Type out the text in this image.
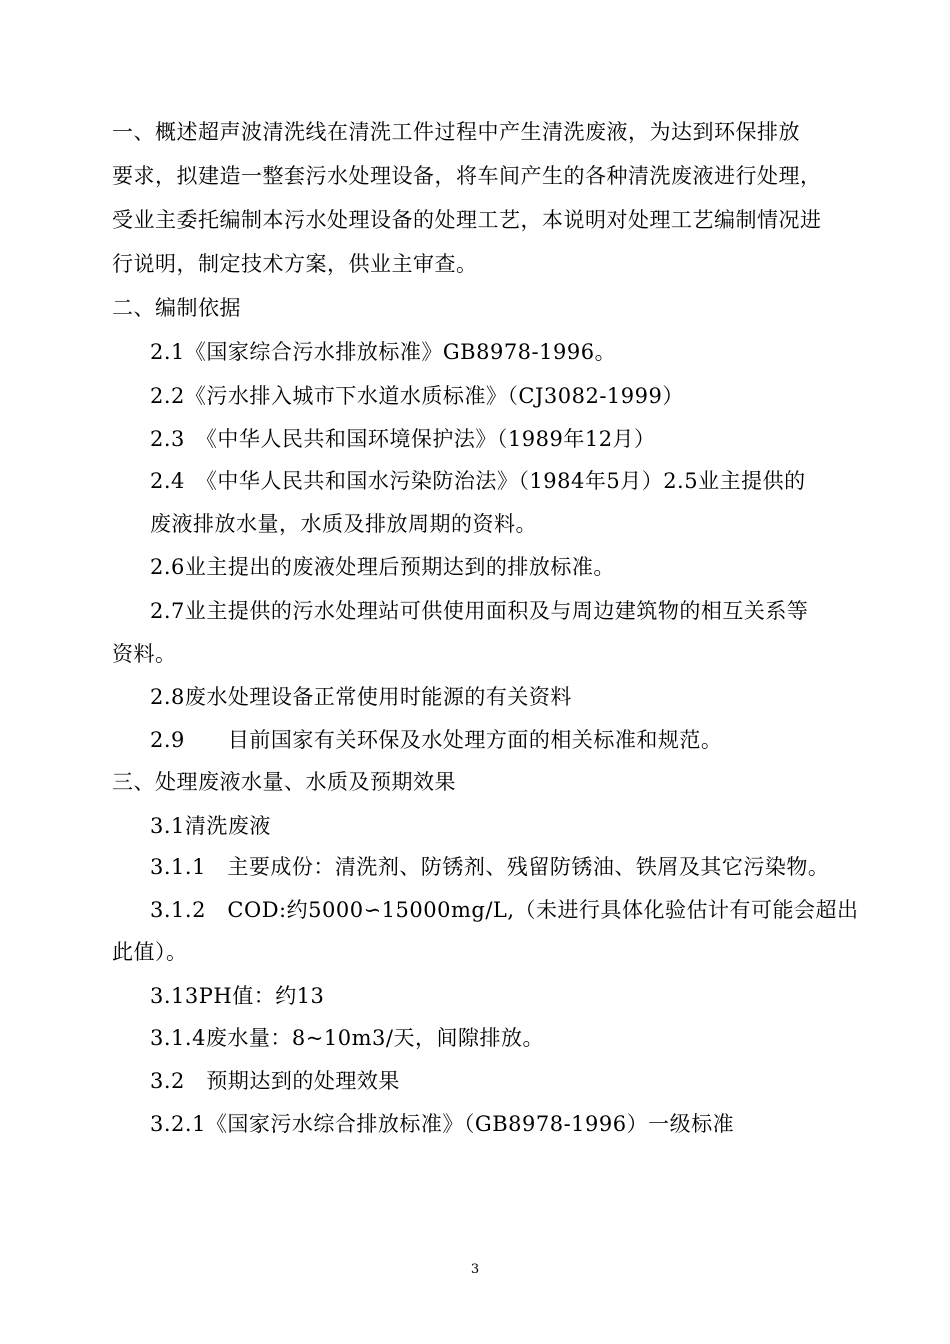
一、概述超声波清洗线在清洗工件过程中产生清洗废液，为达到环保排放
要求，拟建造一整套污水处理设备，将车间产生的各种清洗废液进行处理，
受业主委托编制本污水处理设备的处理工艺，本说明对处理工艺编制情况进
行说明，制定技术方案，供业主审查。
二、编制依据
2.1《国家综合污水排放标准》GB8978-1996。
2.2《污水排入城市下水道水质标准》（CJ3082-1999）
2.3　《中华人民共和国环境保护法》（1989年12月）
2.4　《中华人民共和国水污染防治法》（1984年5月）2.5业主提供的
废液排放水量，水质及排放周期的资料。
2.6业主提出的废液处理后预期达到的排放标准。
2.7业主提供的污水处理站可供使用面积及与周边建筑物的相互关系等
资料。
2.8废水处理设备正常使用时能源的有关资料
2.9　　目前国家有关环保及水处理方面的相关标准和规范。
三、处理废液水量、水质及预期效果
3.1清洗废液
3.1.1　主要成份：清洗剂、防锈剂、残留防锈油、铁屑及其它污染物。
3.1.2　COD:约5000∽15000mg/L,（未进行具体化验估计有可能会超出
此值）。
3.13PH值：约13
3.1.4废水量：8~10m3/天，间隙排放。
3.2　预期达到的处理效果
3.2.1《国家污水综合排放标准》（GB8978-1996）一级标准
3
